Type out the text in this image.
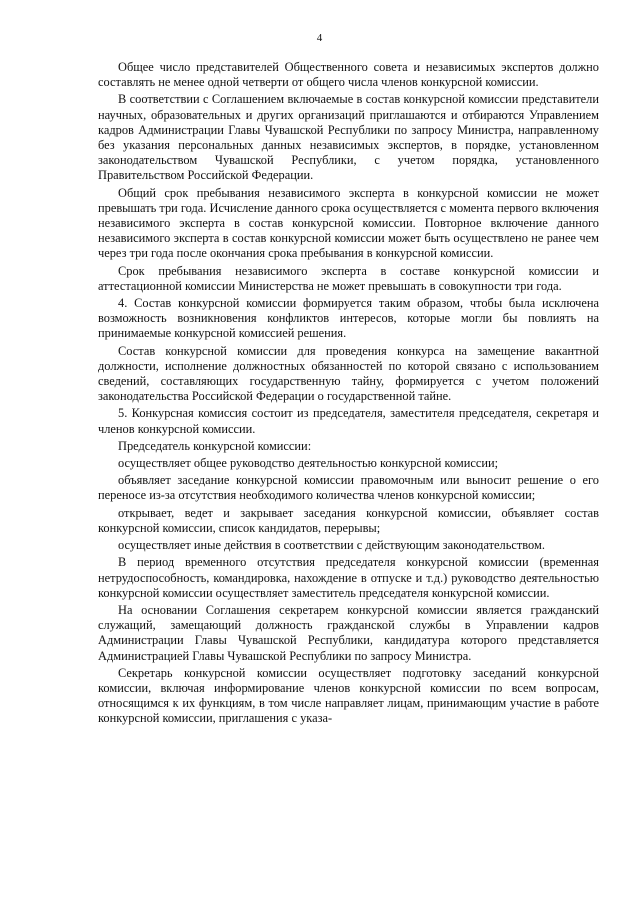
4

Общее число представителей Общественного совета и независимых экспертов должно составлять не менее одной четверти от общего числа членов конкурсной комиссии.

В соответствии с Соглашением включаемые в состав конкурсной комиссии представители научных, образовательных и других организаций приглашаются и отбираются Управлением кадров Администрации Главы Чувашской Республики по запросу Министра, направленному без указания персональных данных независимых экспертов, в порядке, установленном законодательством Чувашской Республики, с учетом порядка, установленного Правительством Российской Федерации.

Общий срок пребывания независимого эксперта в конкурсной комиссии не может превышать три года. Исчисление данного срока осуществляется с момента первого включения независимого эксперта в состав конкурсной комиссии. Повторное включение данного независимого эксперта в состав конкурсной комиссии может быть осуществлено не ранее чем через три года после окончания срока пребывания в конкурсной комиссии.

Срок пребывания независимого эксперта в составе конкурсной комиссии и аттестационной комиссии Министерства не может превышать в совокупности три года.

4. Состав конкурсной комиссии формируется таким образом, чтобы была исключена возможность возникновения конфликтов интересов, которые могли бы повлиять на принимаемые конкурсной комиссией решения.

Состав конкурсной комиссии для проведения конкурса на замещение вакантной должности, исполнение должностных обязанностей по которой связано с использованием сведений, составляющих государственную тайну, формируется с учетом положений законодательства Российской Федерации о государственной тайне.

5. Конкурсная комиссия состоит из председателя, заместителя председателя, секретаря и членов конкурсной комиссии.

Председатель конкурсной комиссии:

осуществляет общее руководство деятельностью конкурсной комиссии;

объявляет заседание конкурсной комиссии правомочным или выносит решение о его переносе из-за отсутствия необходимого количества членов конкурсной комиссии;

открывает, ведет и закрывает заседания конкурсной комиссии, объявляет состав конкурсной комиссии, список кандидатов, перерывы;

осуществляет иные действия в соответствии с действующим законодательством.

В период временного отсутствия председателя конкурсной комиссии (временная нетрудоспособность, командировка, нахождение в отпуске и т.д.) руководство деятельностью конкурсной комиссии осуществляет заместитель председателя конкурсной комиссии.

На основании Соглашения секретарем конкурсной комиссии является гражданский служащий, замещающий должность гражданской службы в Управлении кадров Администрации Главы Чувашской Республики, кандидатура которого представляется Администрацией Главы Чувашской Республики по запросу Министра.

Секретарь конкурсной комиссии осуществляет подготовку заседаний конкурсной комиссии, включая информирование членов конкурсной комиссии по всем вопросам, относящимся к их функциям, в том числе направляет лицам, принимающим участие в работе конкурсной комиссии, приглашения с указа-
